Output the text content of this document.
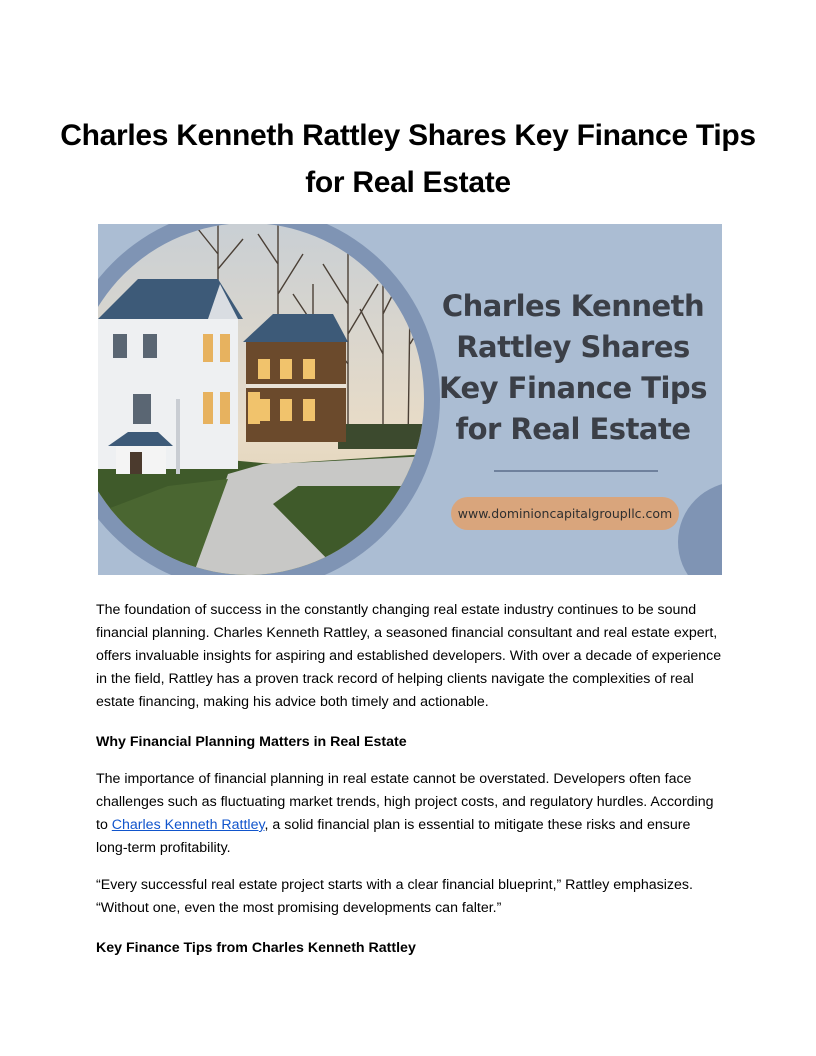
Charles Kenneth Rattley Shares Key Finance Tips for Real Estate
Charles Kenneth Rattley Shares Key Finance Tips for Real Estate
www.dominioncapitalgroupllc.com

The foundation of success in the constantly changing real estate industry continues to be sound financial planning. Charles Kenneth Rattley, a seasoned financial consultant and real estate expert, offers invaluable insights for aspiring and established developers. With over a decade of experience in the field, Rattley has a proven track record of helping clients navigate the complexities of real estate financing, making his advice both timely and actionable.

Why Financial Planning Matters in Real Estate

The importance of financial planning in real estate cannot be overstated. Developers often face challenges such as fluctuating market trends, high project costs, and regulatory hurdles. According to Charles Kenneth Rattley, a solid financial plan is essential to mitigate these risks and ensure long-term profitability.

“Every successful real estate project starts with a clear financial blueprint,” Rattley emphasizes. “Without one, even the most promising developments can falter.”

Key Finance Tips from Charles Kenneth Rattley
